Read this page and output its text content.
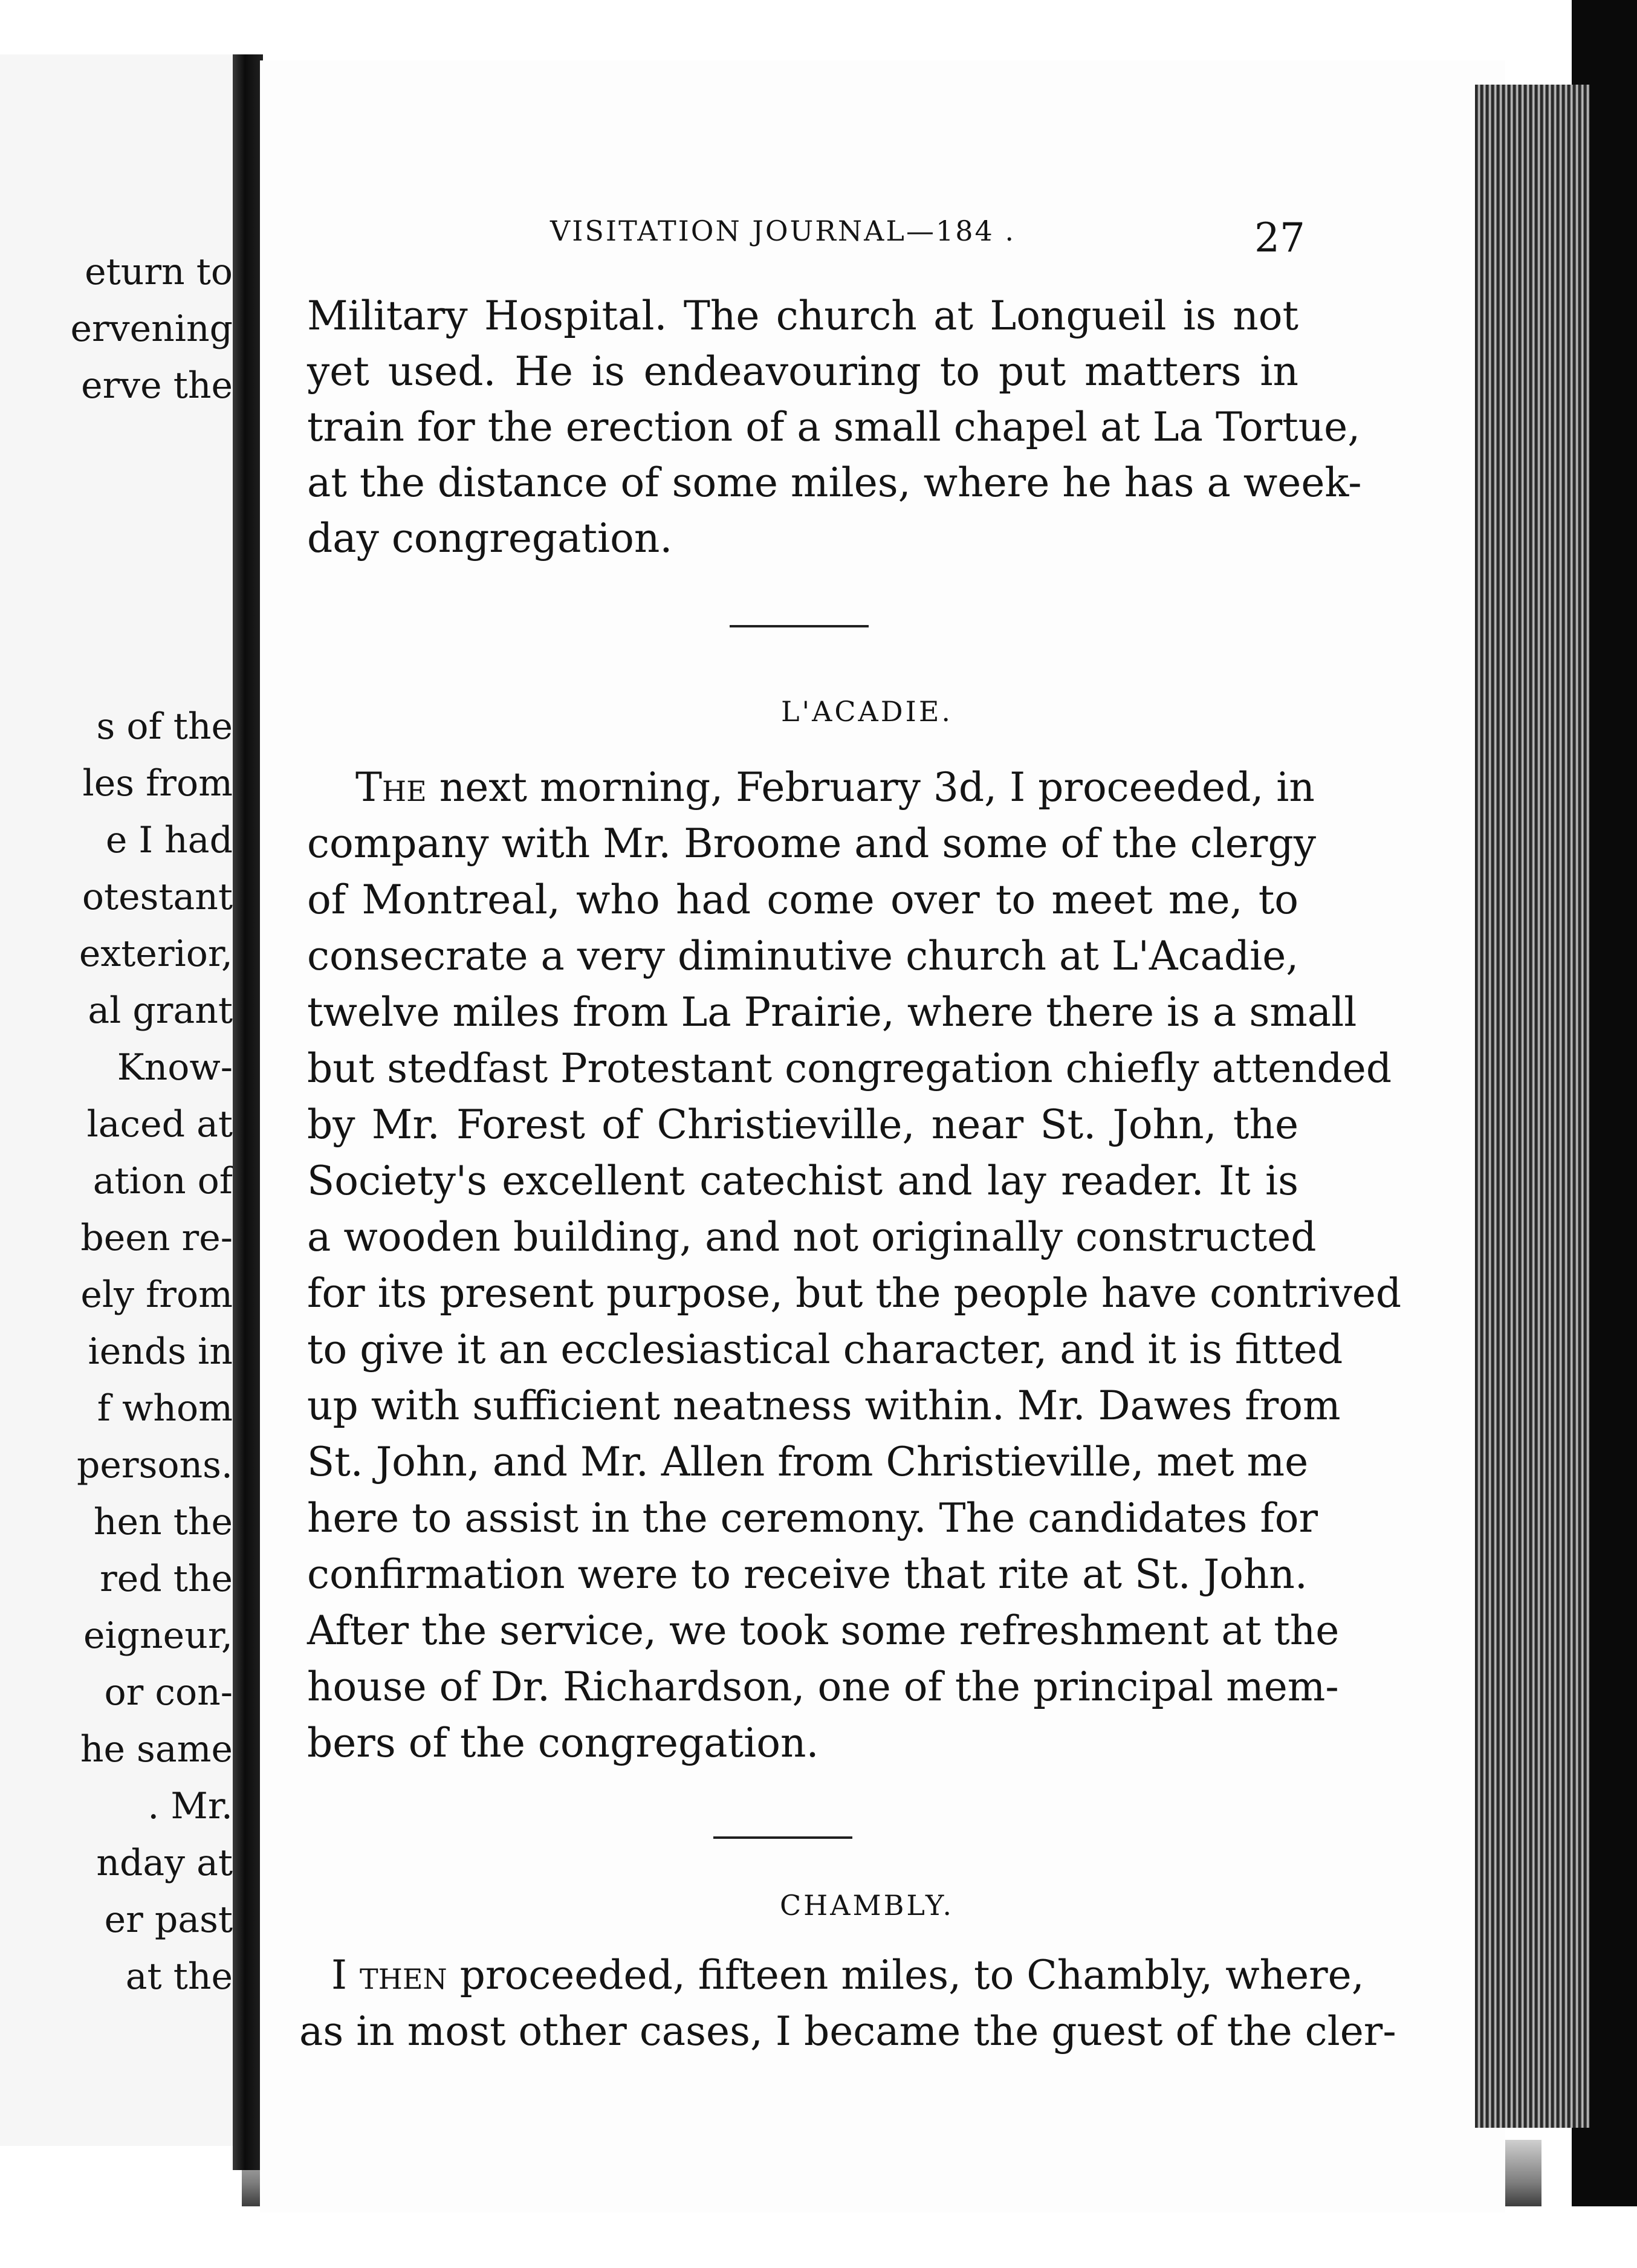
eturn to
ervening
erve the
s of the
les from
e I had
otestant
exterior,
al grant
Know-
laced at
ation of
been re-
ely from
iends in
f whom
persons.
hen the
red the
eigneur,
or con-
he same
. Mr.
nday at
er past
at the
VISITATION JOURNAL—184 .	27
Military Hospital. The church at Longueil is not
yet used. He is endeavouring to put matters in
train for the erection of a small chapel at La Tortue,
at the distance of some miles, where he has a week-
day congregation.
L'ACADIE.
The next morning, February 3d, I proceeded, in
company with Mr. Broome and some of the clergy
of Montreal, who had come over to meet me, to
consecrate a very diminutive church at L'Acadie,
twelve miles from La Prairie, where there is a small
but stedfast Protestant congregation chiefly attended
by Mr. Forest of Christieville, near St. John, the
Society's excellent catechist and lay reader. It is
a wooden building, and not originally constructed
for its present purpose, but the people have contrived
to give it an ecclesiastical character, and it is fitted
up with sufficient neatness within. Mr. Dawes from
St. John, and Mr. Allen from Christieville, met me
here to assist in the ceremony. The candidates for
confirmation were to receive that rite at St. John.
After the service, we took some refreshment at the
house of Dr. Richardson, one of the principal mem-
bers of the congregation.
CHAMBLY.
I then proceeded, fifteen miles, to Chambly, where,
as in most other cases, I became the guest of the cler-
